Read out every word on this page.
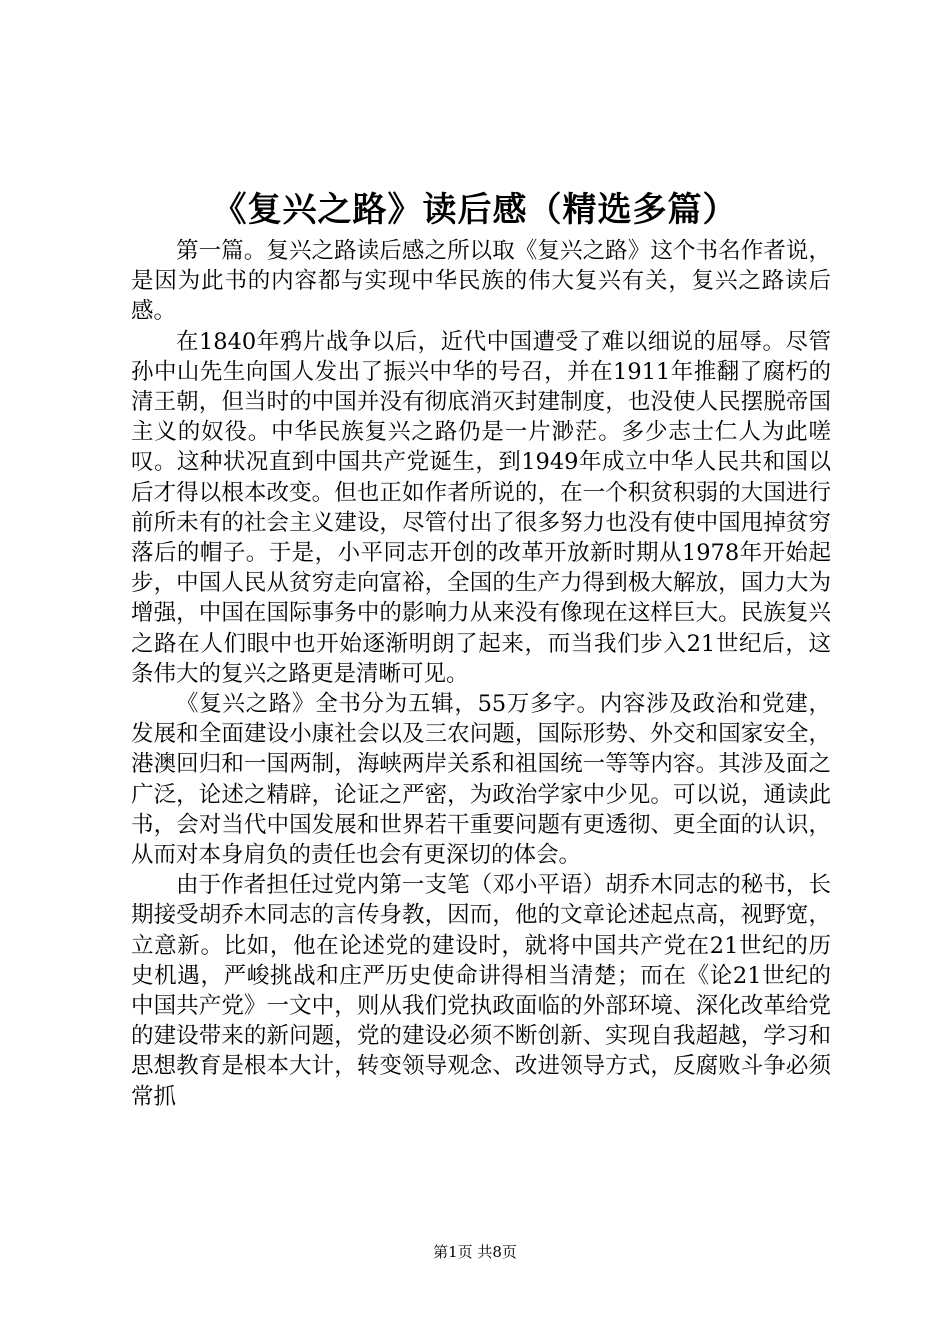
《复兴之路》读后感（精选多篇）

第一篇。复兴之路读后感之所以取《复兴之路》这个书名作者说，是因为此书的内容都与实现中华民族的伟大复兴有关，复兴之路读后感。

在1840年鸦片战争以后，近代中国遭受了难以细说的屈辱。尽管孙中山先生向国人发出了振兴中华的号召，并在1911年推翻了腐朽的清王朝，但当时的中国并没有彻底消灭封建制度，也没使人民摆脱帝国主义的奴役。中华民族复兴之路仍是一片渺茫。多少志士仁人为此嗟叹。这种状况直到中国共产党诞生，到1949年成立中华人民共和国以后才得以根本改变。但也正如作者所说的，在一个积贫积弱的大国进行前所未有的社会主义建设，尽管付出了很多努力也没有使中国甩掉贫穷落后的帽子。于是，小平同志开创的改革开放新时期从1978年开始起步，中国人民从贫穷走向富裕，全国的生产力得到极大解放，国力大为增强，中国在国际事务中的影响力从来没有像现在这样巨大。民族复兴之路在人们眼中也开始逐渐明朗了起来，而当我们步入21世纪后，这条伟大的复兴之路更是清晰可见。

《复兴之路》全书分为五辑，55万多字。内容涉及政治和党建，发展和全面建设小康社会以及三农问题，国际形势、外交和国家安全，港澳回归和一国两制，海峡两岸关系和祖国统一等等内容。其涉及面之广泛，论述之精辟，论证之严密，为政治学家中少见。可以说，通读此书，会对当代中国发展和世界若干重要问题有更透彻、更全面的认识，从而对本身肩负的责任也会有更深切的体会。

由于作者担任过党内第一支笔（邓小平语）胡乔木同志的秘书，长期接受胡乔木同志的言传身教，因而，他的文章论述起点高，视野宽，立意新。比如，他在论述党的建设时，就将中国共产党在21世纪的历史机遇，严峻挑战和庄严历史使命讲得相当清楚；而在《论21世纪的中国共产党》一文中，则从我们党执政面临的外部环境、深化改革给党的建设带来的新问题，党的建设必须不断创新、实现自我超越，学习和思想教育是根本大计，转变领导观念、改进领导方式，反腐败斗争必须常抓

第1页 共8页
